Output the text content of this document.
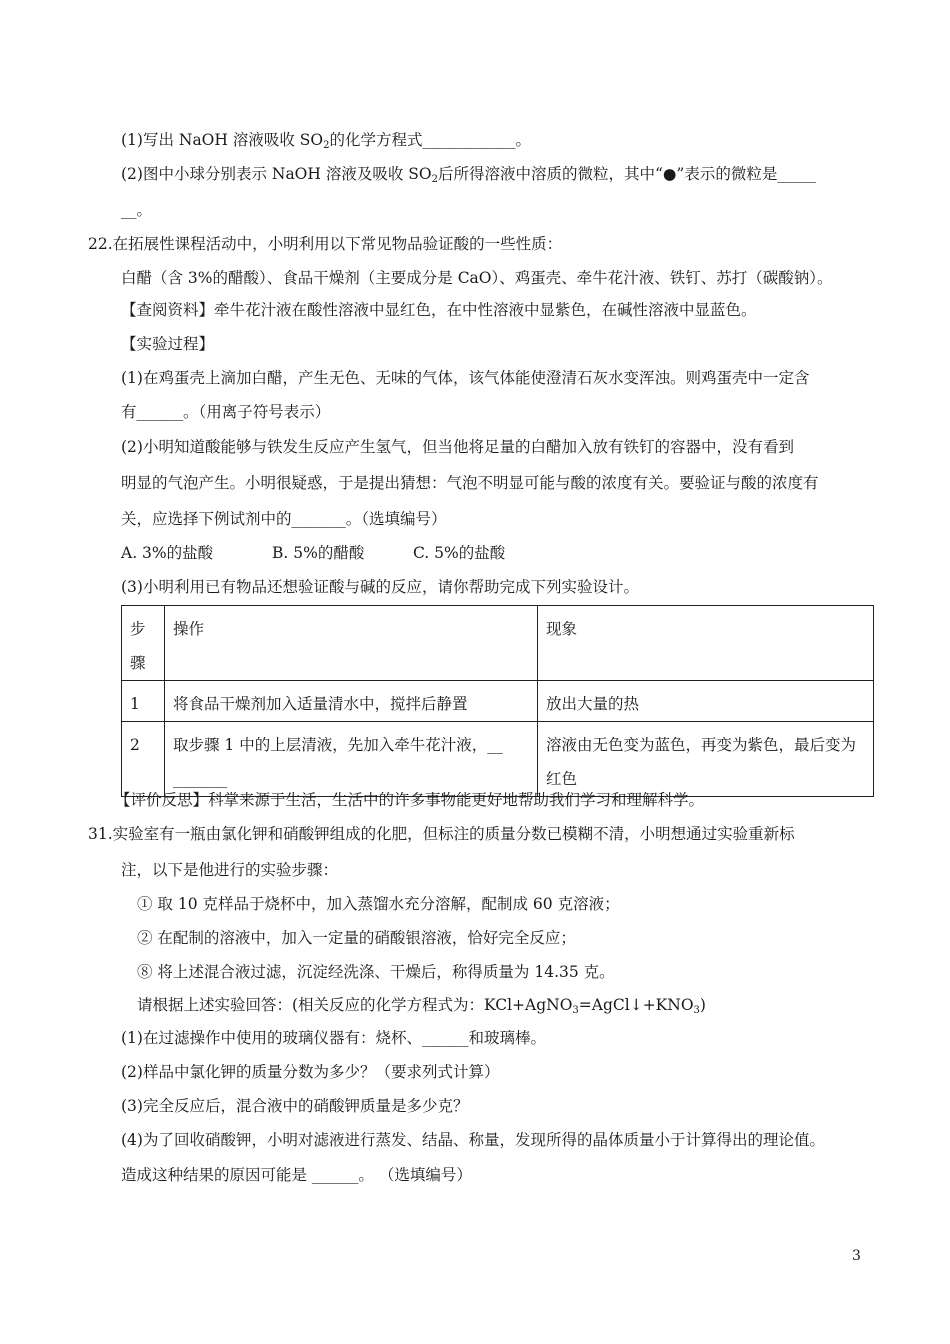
(1)写出 NaOH 溶液吸收 $SO_2$的化学方程式____________。
(2)图中小球分别表示 NaOH 溶液及吸收 $SO_2$后所得溶液中溶质的微粒，其中“●”表示的微粒是_____
__。
22.在拓展性课程活动中，小明利用以下常见物品验证酸的一些性质：
白醋（含 3%的醋酸）、食品干燥剂（主要成分是 CaO）、鸡蛋壳、牵牛花汁液、铁钉、苏打（碳酸钠）。
【查阅资料】牵牛花汁液在酸性溶液中显红色，在中性溶液中显紫色，在碱性溶液中显蓝色。
【实验过程】
(1)在鸡蛋壳上滴加白醋，产生无色、无味的气体，该气体能使澄清石灰水变浑浊。则鸡蛋壳中一定含
有______。（用离子符号表示）
(2)小明知道酸能够与铁发生反应产生氢气，但当他将足量的白醋加入放有铁钉的容器中，没有看到
明显的气泡产生。小明很疑惑，于是提出猜想：气泡不明显可能与酸的浓度有关。要验证与酸的浓度有
关，应选择下例试剂中的_______。（选填编号）
A. 3%的盐酸	B. 5%的醋酸	C. 5%的盐酸
(3)小明利用已有物品还想验证酸与碱的反应，请你帮助完成下列实验设计。
步骤	操作	现象
1	将食品干燥剂加入适量清水中，搅拌后静置	放出大量的热
2	取步骤 1 中的上层清液，先加入牵牛花汁液，__ _______	溶液由无色变为蓝色，再变为紫色，最后变为红色
【评价反思】科掌来源于生活，生活中的许多事物能更好地帮助我们学习和理解科学。
31.实验室有一瓶由氯化钾和硝酸钾组成的化肥，但标注的质量分数已模糊不清，小明想通过实验重新标
注，以下是他进行的实验步骤：
① 取 10 克样品于烧杯中，加入蒸馏水充分溶解，配制成 60 克溶液；
② 在配制的溶液中，加入一定量的硝酸银溶液，恰好完全反应；
⑧ 将上述混合液过滤，沉淀经洗涤、干燥后，称得质量为 14.35 克。
请根据上述实验回答：(相关反应的化学方程式为：$KCl+AgNO_3=AgCl↓+KNO_3$)
(1)在过滤操作中使用的玻璃仪器有：烧杯、______和玻璃棒。
(2)样品中氯化钾的质量分数为多少？（要求列式计算）
(3)完全反应后，混合液中的硝酸钾质量是多少克？
(4)为了回收硝酸钾，小明对滤液进行蒸发、结晶、称量，发现所得的晶体质量小于计算得出的理论值。
造成这种结果的原因可能是 ______。 （选填编号）
3
